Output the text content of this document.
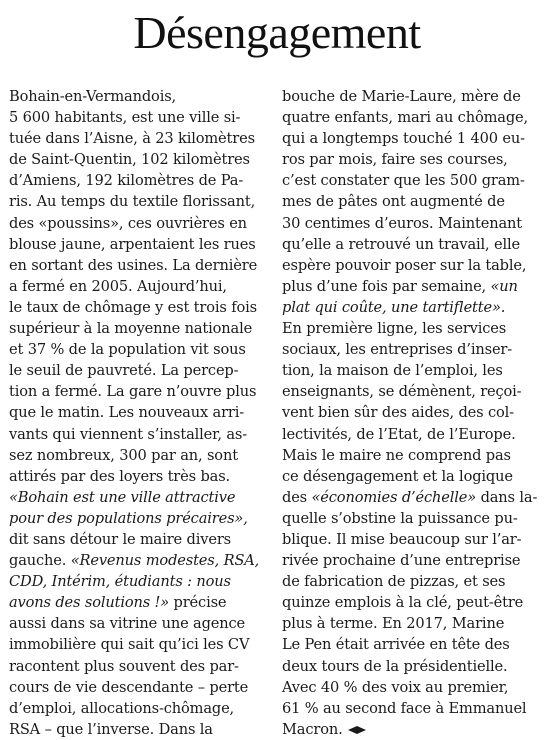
Désengagement
Bohain-en-Vermandois,
5 600 habitants, est une ville si-
tuée dans l’Aisne, à 23 kilomètres
de Saint-Quentin, 102 kilomètres
d’Amiens, 192 kilomètres de Pa-
ris. Au temps du textile florissant,
des «poussins», ces ouvrières en
blouse jaune, arpentaient les rues
en sortant des usines. La dernière
a fermé en 2005. Aujourd’hui,
le taux de chômage y est trois fois
supérieur à la moyenne nationale
et 37 % de la population vit sous
le seuil de pauvreté. La percep-
tion a fermé. La gare n’ouvre plus
que le matin. Les nouveaux arri-
vants qui viennent s’installer, as-
sez nombreux, 300 par an, sont
attirés par des loyers très bas.
«Bohain est une ville attractive
pour des populations précaires»,
dit sans détour le maire divers
gauche. «Revenus modestes, RSA,
CDD, Intérim, étudiants : nous
avons des solutions !» précise
aussi dans sa vitrine une agence
immobilière qui sait qu’ici les CV
racontent plus souvent des par-
cours de vie descendante – perte
d’emploi, allocations-chômage,
RSA – que l’inverse. Dans la
bouche de Marie-Laure, mère de
quatre enfants, mari au chômage,
qui a longtemps touché 1 400 eu-
ros par mois, faire ses courses,
c’est constater que les 500 gram-
mes de pâtes ont augmenté de
30 centimes d’euros. Maintenant
qu’elle a retrouvé un travail, elle
espère pouvoir poser sur la table,
plus d’une fois par semaine, «un
plat qui coûte, une tartiflette».
En première ligne, les services
sociaux, les entreprises d’inser-
tion, la maison de l’emploi, les
enseignants, se démènent, reçoi-
vent bien sûr des aides, des col-
lectivités, de l’Etat, de l’Europe.
Mais le maire ne comprend pas
ce désengagement et la logique
des «économies d’échelle» dans la-
quelle s’obstine la puissance pu-
blique. Il mise beaucoup sur l’ar-
rivée prochaine d’une entreprise
de fabrication de pizzas, et ses
quinze emplois à la clé, peut-être
plus à terme. En 2017, Marine
Le Pen était arrivée en tête des
deux tours de la présidentielle.
Avec 40 % des voix au premier,
61 % au second face à Emmanuel
Macron.
